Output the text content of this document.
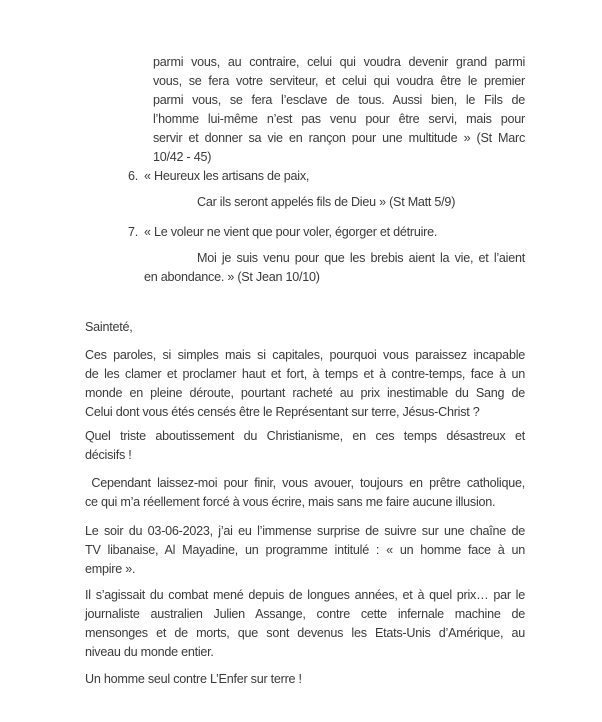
parmi vous, au contraire, celui qui voudra devenir grand parmi
vous, se fera votre serviteur, et celui qui voudra être le premier
parmi vous, se fera l’esclave de tous. Aussi bien, le Fils de
l’homme lui-même n’est pas venu pour être servi, mais pour
servir et donner sa vie en rançon pour une multitude » (St Marc
10/42 - 45)
6. « Heureux les artisans de paix,
Car ils seront appelés fils de Dieu » (St Matt 5/9)
7. « Le voleur ne vient que pour voler, égorger et détruire.
Moi je suis venu pour que les brebis aient la vie, et l’aient
en abondance. » (St Jean 10/10)
Sainteté,
Ces paroles, si simples mais si capitales, pourquoi vous paraissez incapable
de les clamer et proclamer haut et fort, à temps et à contre-temps, face à un
monde en pleine déroute, pourtant racheté au prix inestimable du Sang de
Celui dont vous étés censés être le Représentant sur terre, Jésus-Christ ?
Quel triste aboutissement du Christianisme, en ces temps désastreux et
décisifs !
Cependant laissez-moi pour finir, vous avouer, toujours en prêtre catholique,
ce qui m’a réellement forcé à vous écrire, mais sans me faire aucune illusion.
Le soir du 03-06-2023, j’ai eu l’immense surprise de suivre sur une chaîne de
TV libanaise, Al Mayadine, un programme intitulé : « un homme face à un
empire ».
Il s’agissait du combat mené depuis de longues années, et à quel prix… par le
journaliste  australien  Julien  Assange,  contre  cette  infernale  machine  de
mensonges et de morts, que sont devenus les Etats-Unis d’Amérique, au
niveau du monde entier.
Un homme seul contre L’Enfer sur terre !
